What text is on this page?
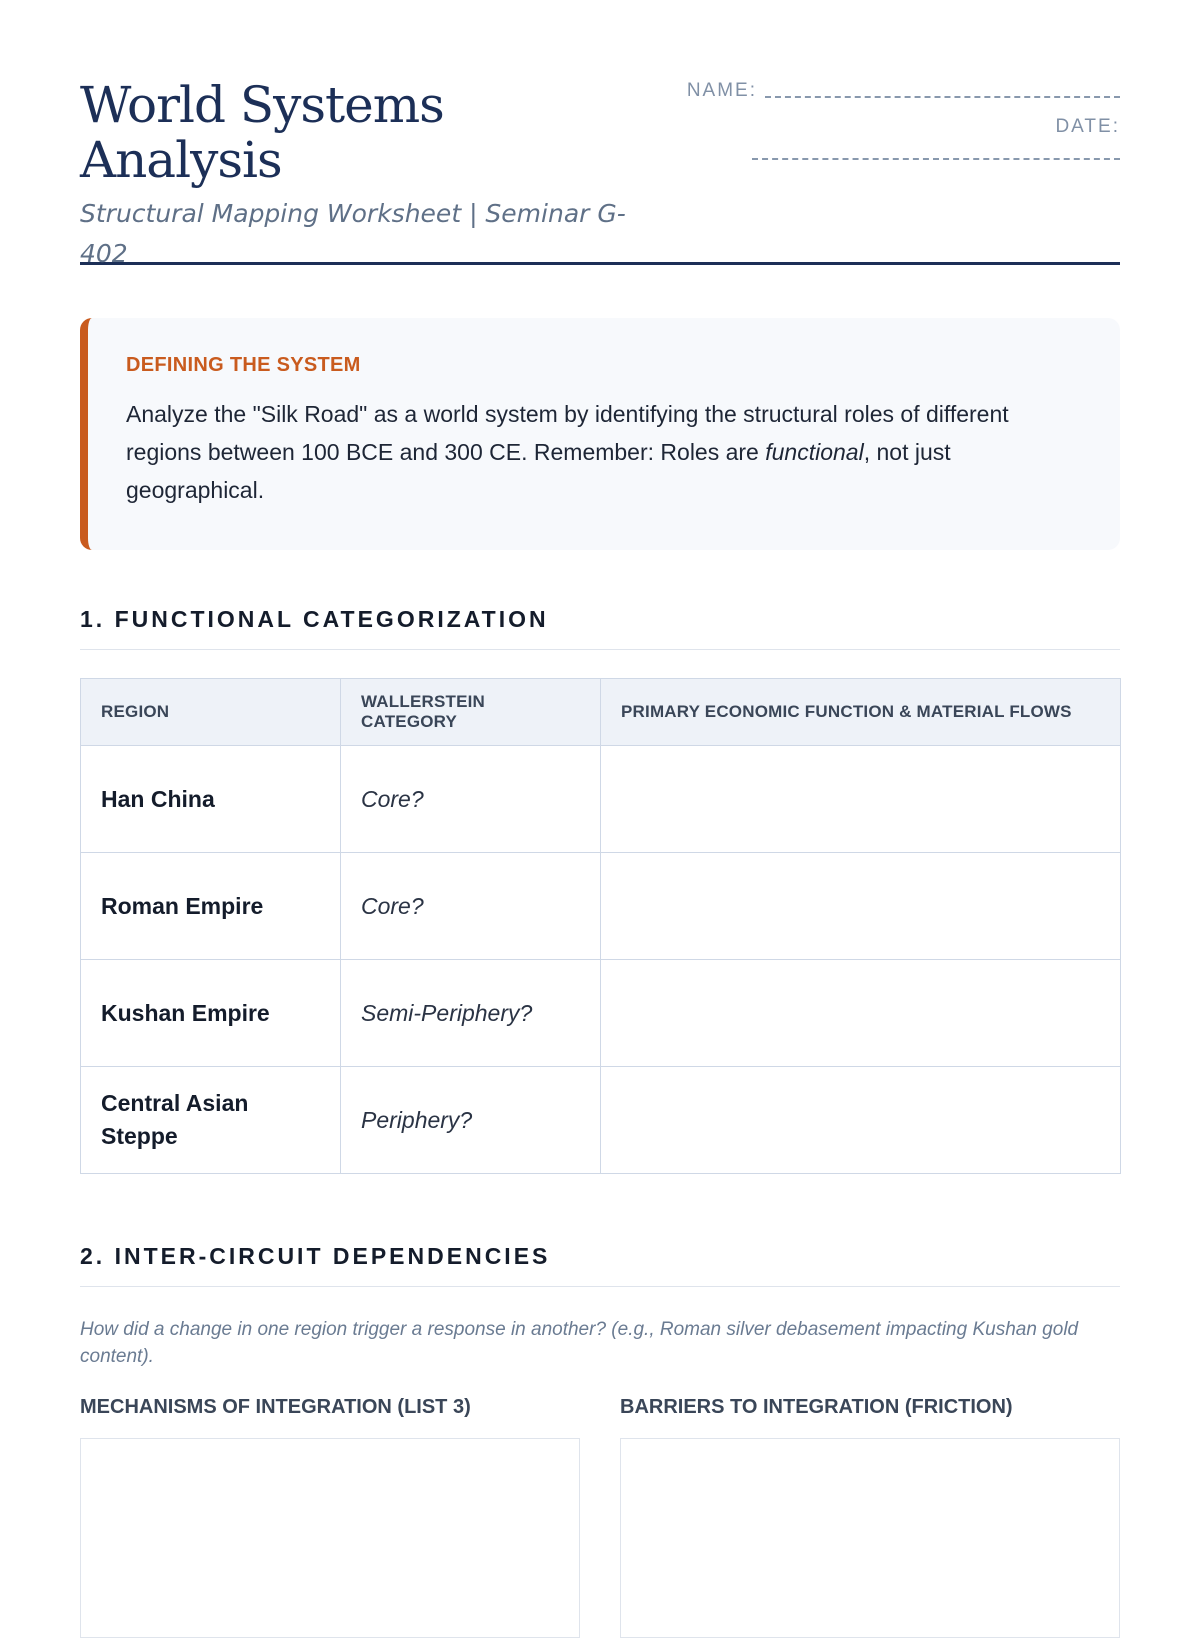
World Systems Analysis
Structural Mapping Worksheet | Seminar G-402
NAME:
DATE:
DEFINING THE SYSTEM
Analyze the "Silk Road" as a world system by identifying the structural roles of different regions between 100 BCE and 300 CE. Remember: Roles are functional, not just geographical.
1. FUNCTIONAL CATEGORIZATION
REGION	WALLERSTEIN CATEGORY	PRIMARY ECONOMIC FUNCTION & MATERIAL FLOWS
Han China	Core?	
Roman Empire	Core?	
Kushan Empire	Semi-Periphery?	
Central Asian Steppe	Periphery?	
2. INTER-CIRCUIT DEPENDENCIES
How did a change in one region trigger a response in another? (e.g., Roman silver debasement impacting Kushan gold content).
MECHANISMS OF INTEGRATION (LIST 3)	BARRIERS TO INTEGRATION (FRICTION)
